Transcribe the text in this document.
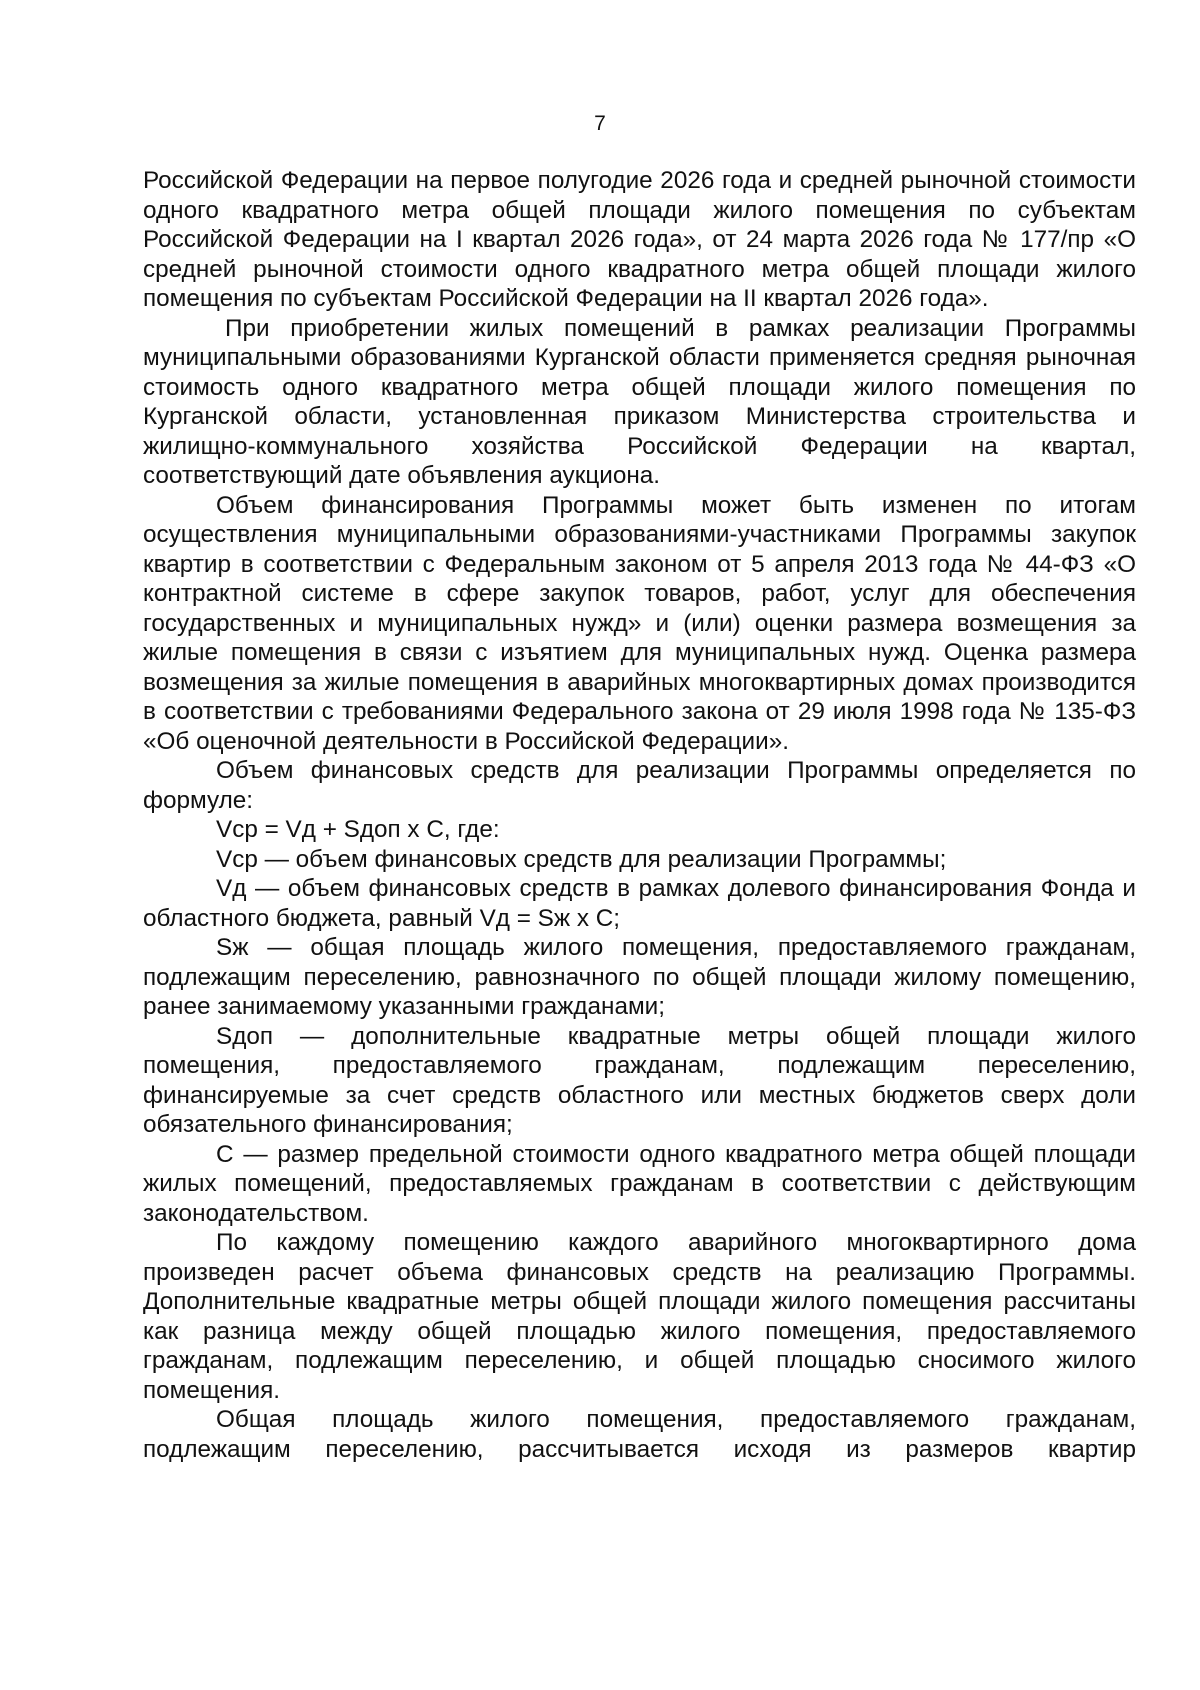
7

Российской Федерации на первое полугодие 2026 года и средней рыночной стоимости одного квадратного метра общей площади жилого помещения по субъектам Российской Федерации на I квартал 2026 года», от 24 марта 2026 года № 177/пр «О средней рыночной стоимости одного квадратного метра общей площади жилого помещения по субъектам Российской Федерации на II квартал 2026 года».

При приобретении жилых помещений в рамках реализации Программы муниципальными образованиями Курганской области применяется средняя рыночная стоимость одного квадратного метра общей площади жилого помещения по Курганской области, установленная приказом Министерства строительства и жилищно-коммунального хозяйства Российской Федерации на квартал, соответствующий дате объявления аукциона.

Объем финансирования Программы может быть изменен по итогам осуществления муниципальными образованиями-участниками Программы закупок квартир в соответствии с Федеральным законом от 5 апреля 2013 года № 44-ФЗ «О контрактной системе в сфере закупок товаров, работ, услуг для обеспечения государственных и муниципальных нужд» и (или) оценки размера возмещения за жилые помещения в связи с изъятием для муниципальных нужд. Оценка размера возмещения за жилые помещения в аварийных многоквартирных домах производится в соответствии с требованиями Федерального закона от 29 июля 1998 года № 135-ФЗ «Об оценочной деятельности в Российской Федерации».

Объем финансовых средств для реализации Программы определяется по формуле:

Vср = Vд + Sдоп х С, где:

Vср — объем финансовых средств для реализации Программы;

Vд — объем финансовых средств в рамках долевого финансирования Фонда и областного бюджета, равный Vд = Sж х С;

Sж — общая площадь жилого помещения, предоставляемого гражданам, подлежащим переселению, равнозначного по общей площади жилому помещению, ранее занимаемому указанными гражданами;

Sдоп — дополнительные квадратные метры общей площади жилого помещения, предоставляемого гражданам, подлежащим переселению, финансируемые за счет средств областного или местных бюджетов сверх доли обязательного финансирования;

С — размер предельной стоимости одного квадратного метра общей площади жилых помещений, предоставляемых гражданам в соответствии с действующим законодательством.

По каждому помещению каждого аварийного многоквартирного дома произведен расчет объема финансовых средств на реализацию Программы. Дополнительные квадратные метры общей площади жилого помещения рассчитаны как разница между общей площадью жилого помещения, предоставляемого гражданам, подлежащим переселению, и общей площадью сносимого жилого помещения.

Общая площадь жилого помещения, предоставляемого гражданам, подлежащим переселению, рассчитывается исходя из размеров квартир
